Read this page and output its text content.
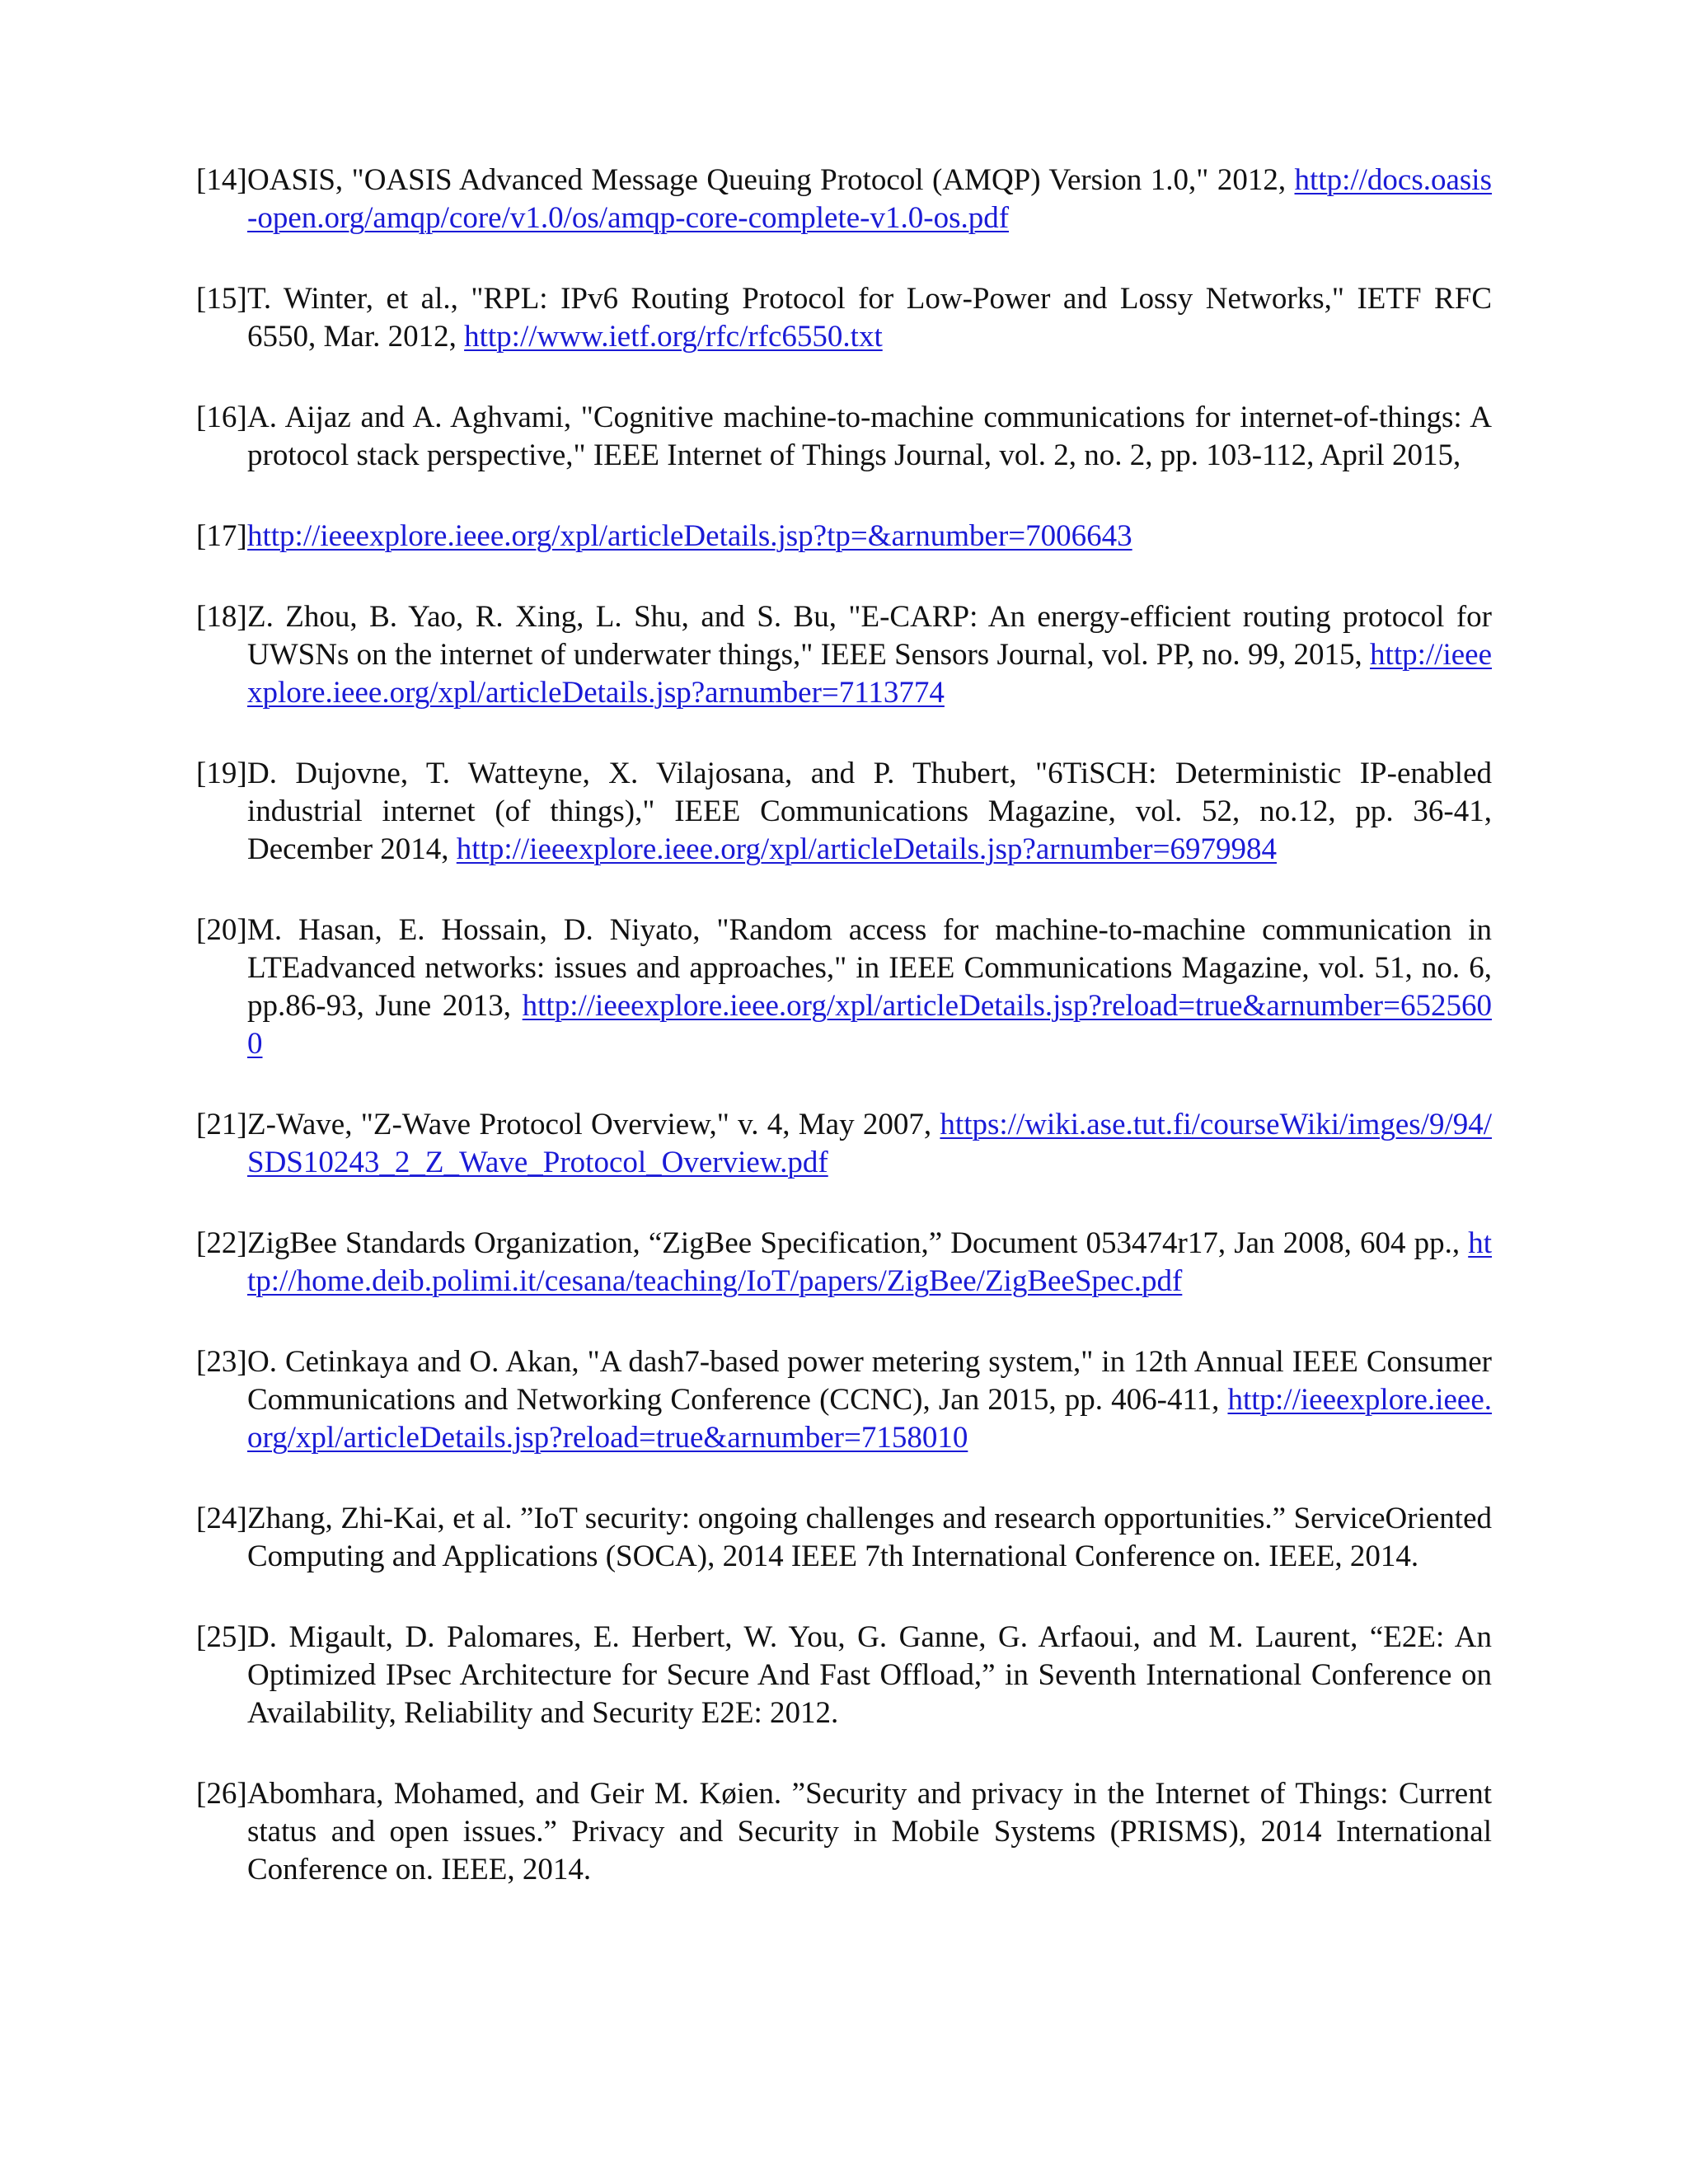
[14]OASIS, "OASIS Advanced Message Queuing Protocol (AMQP) Version 1.0," 2012, http://docs.oasis-open.org/amqp/core/v1.0/os/amqp-core-complete-v1.0-os.pdf

[15]T. Winter, et al., "RPL: IPv6 Routing Protocol for Low-Power and Lossy Networks," IETF RFC 6550, Mar. 2012, http://www.ietf.org/rfc/rfc6550.txt

[16]A. Aijaz and A. Aghvami, "Cognitive machine-to-machine communications for internet-of-things: A protocol stack perspective," IEEE Internet of Things Journal, vol. 2, no. 2, pp. 103-112, April 2015,

[17]http://ieeexplore.ieee.org/xpl/articleDetails.jsp?tp=&arnumber=7006643

[18]Z. Zhou, B. Yao, R. Xing, L. Shu, and S. Bu, "E-CARP: An energy-efficient routing protocol for UWSNs on the internet of underwater things," IEEE Sensors Journal, vol. PP, no. 99, 2015, http://ieeexplore.ieee.org/xpl/articleDetails.jsp?arnumber=7113774

[19]D. Dujovne, T. Watteyne, X. Vilajosana, and P. Thubert, "6TiSCH: Deterministic IP-enabled industrial internet (of things)," IEEE Communications Magazine, vol. 52, no.12, pp. 36-41, December 2014, http://ieeexplore.ieee.org/xpl/articleDetails.jsp?arnumber=6979984

[20]M. Hasan, E. Hossain, D. Niyato, "Random access for machine-to-machine communication in LTEadvanced networks: issues and approaches," in IEEE Communications Magazine, vol. 51, no. 6, pp.86-93, June 2013, http://ieeexplore.ieee.org/xpl/articleDetails.jsp?reload=true&arnumber=6525600

[21]Z-Wave, "Z-Wave Protocol Overview," v. 4, May 2007, https://wiki.ase.tut.fi/courseWiki/imges/9/94/SDS10243_2_Z_Wave_Protocol_Overview.pdf

[22]ZigBee Standards Organization, “ZigBee Specification,” Document 053474r17, Jan 2008, 604 pp., http://home.deib.polimi.it/cesana/teaching/IoT/papers/ZigBee/ZigBeeSpec.pdf

[23]O. Cetinkaya and O. Akan, "A dash7-based power metering system," in 12th Annual IEEE Consumer Communications and Networking Conference (CCNC), Jan 2015, pp. 406-411, http://ieeexplore.ieee.org/xpl/articleDetails.jsp?reload=true&arnumber=7158010

[24]Zhang, Zhi-Kai, et al. ”IoT security: ongoing challenges and research opportunities.” ServiceOriented Computing and Applications (SOCA), 2014 IEEE 7th International Conference on. IEEE, 2014.

[25]D. Migault, D. Palomares, E. Herbert, W. You, G. Ganne, G. Arfaoui, and M. Laurent, “E2E: An Optimized IPsec Architecture for Secure And Fast Offload,” in Seventh International Conference on Availability, Reliability and Security E2E: 2012.

[26]Abomhara, Mohamed, and Geir M. Køien. ”Security and privacy in the Internet of Things: Current status and open issues.” Privacy and Security in Mobile Systems (PRISMS), 2014 International Conference on. IEEE, 2014.
